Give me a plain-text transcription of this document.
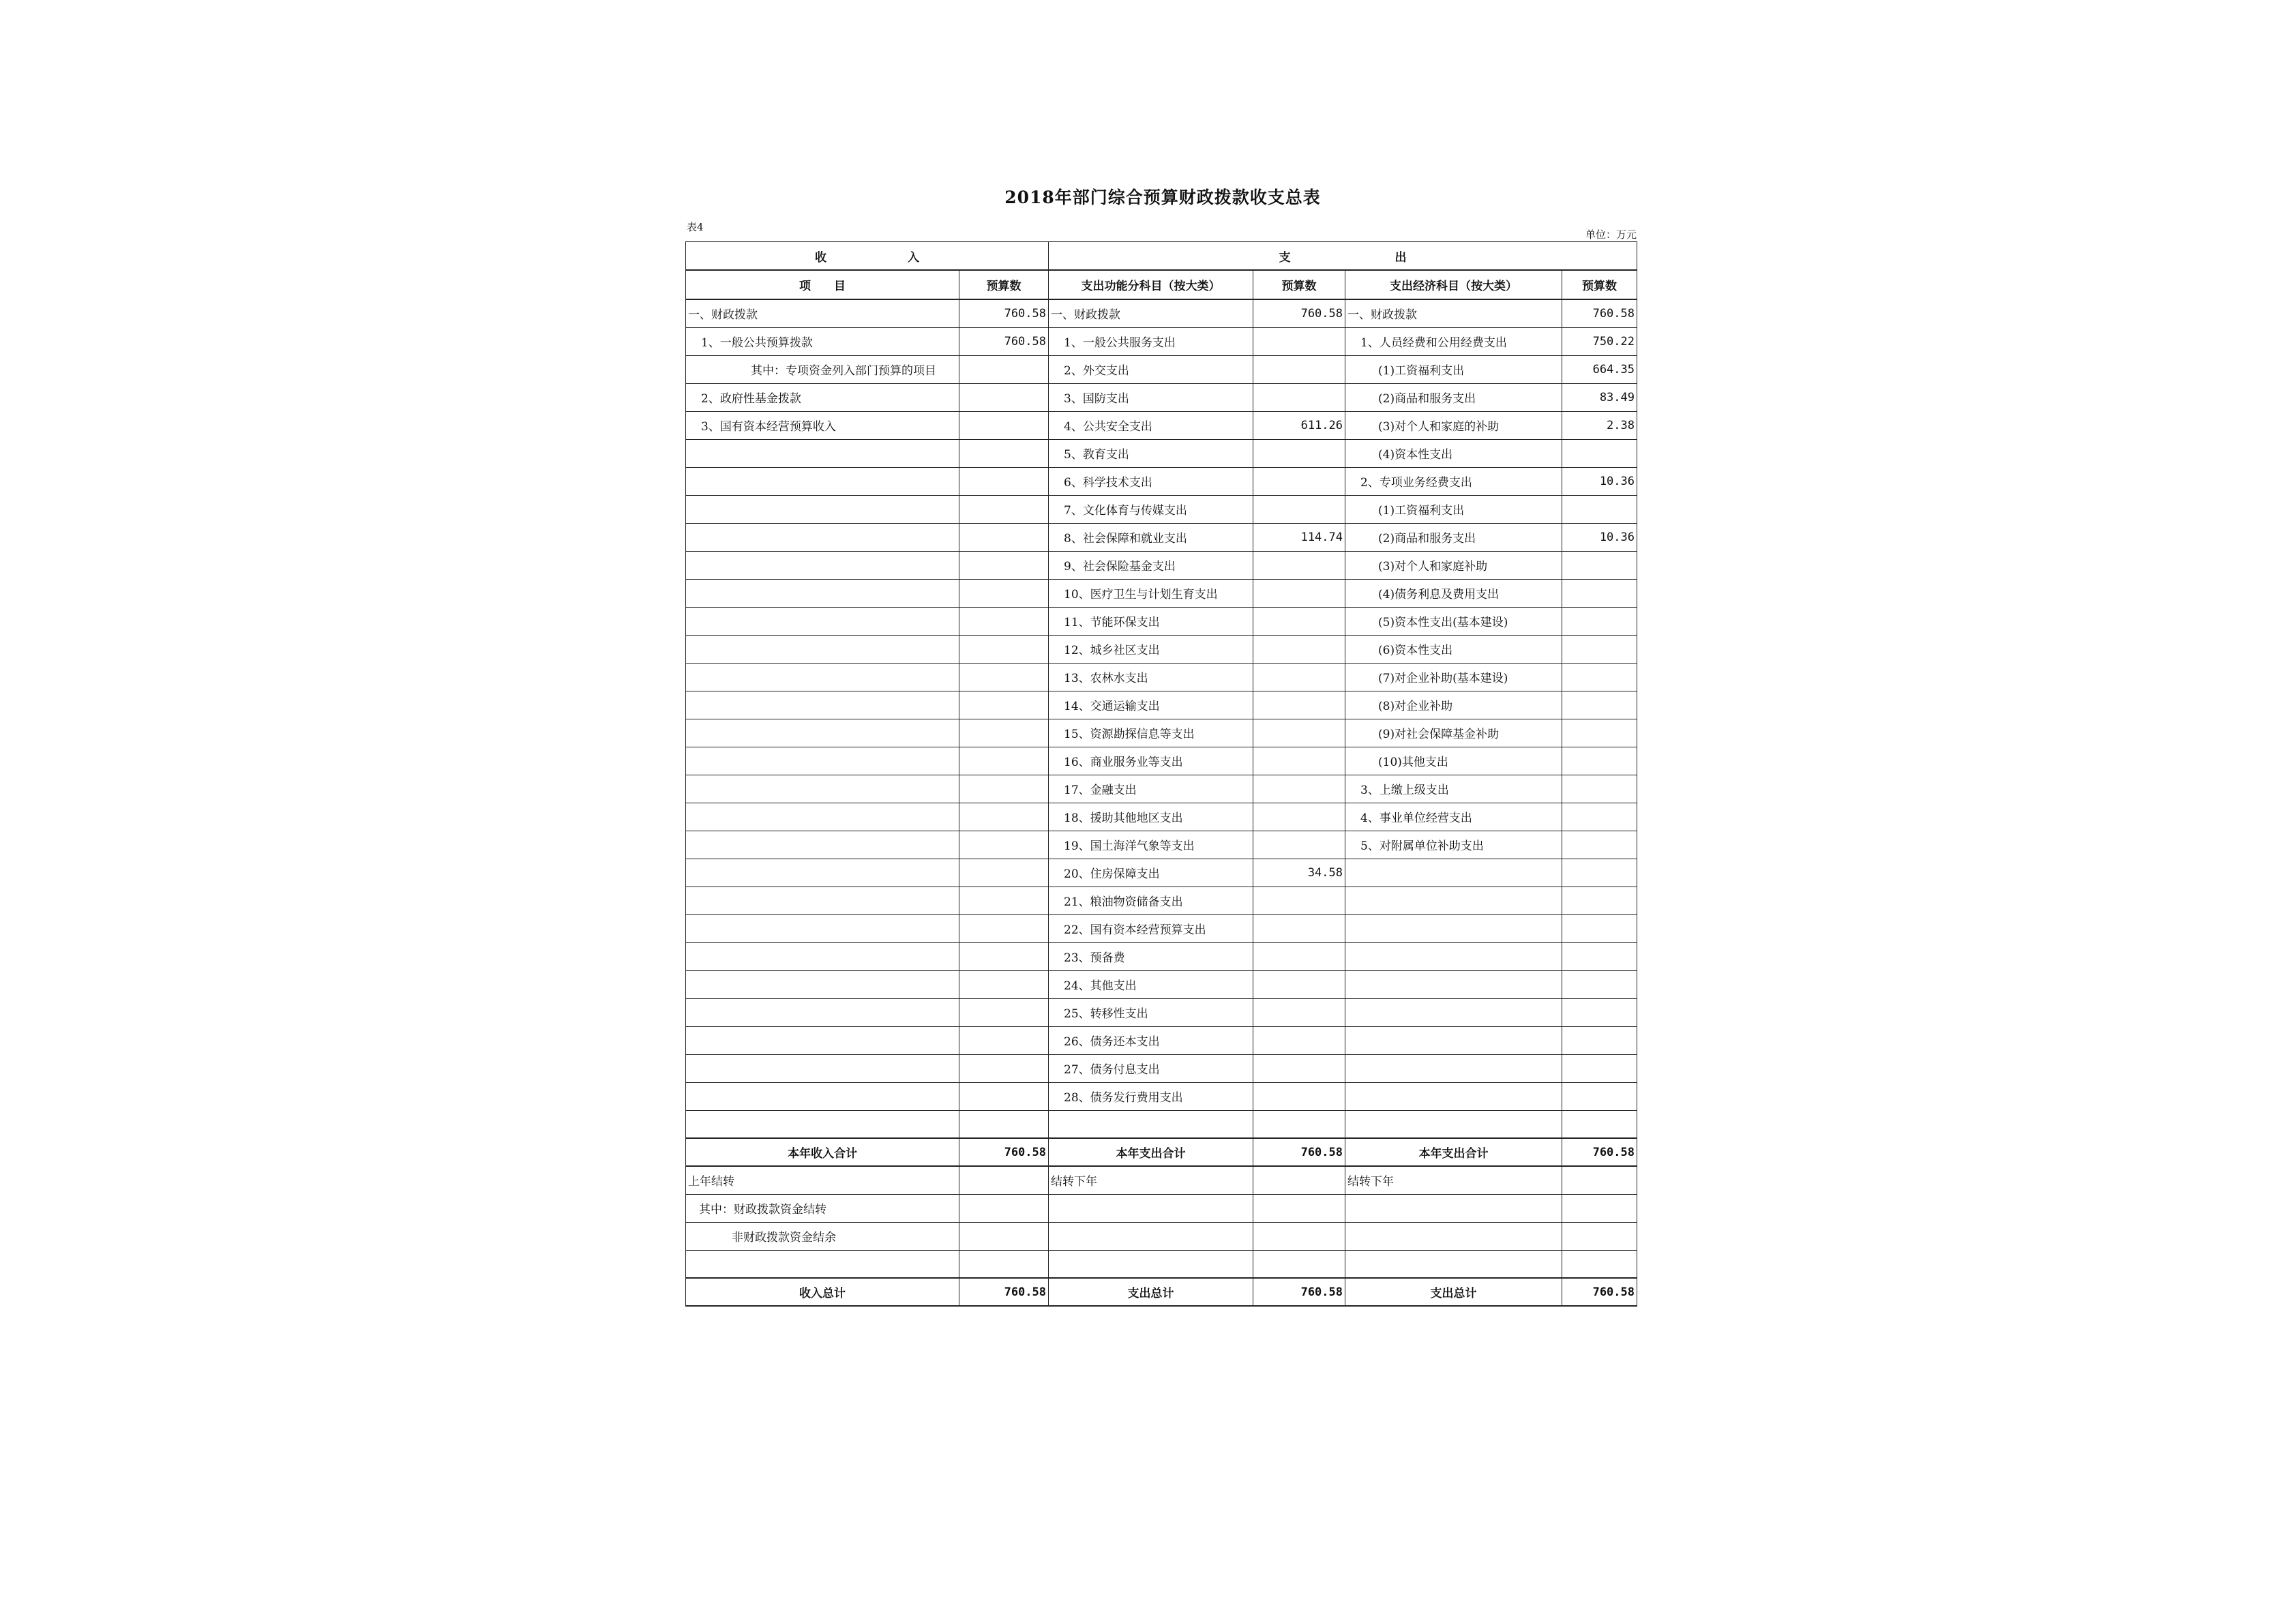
2018年部门综合预算财政拨款收支总表
表4
单位：万元
收　　　　　　　入		支　　　　　　　　　出			
项　　目	预算数	支出功能分科目（按大类）	预算数	支出经济科目（按大类）	预算数
一、财政拨款	760.58	一、财政拨款	760.58	一、财政拨款	760.58
1、一般公共预算拨款	760.58	1、一般公共服务支出		1、人员经费和公用经费支出	750.22
其中：专项资金列入部门预算的项目		2、外交支出		(1)工资福利支出	664.35
2、政府性基金拨款		3、国防支出		(2)商品和服务支出	83.49
3、国有资本经营预算收入		4、公共安全支出	611.26	(3)对个人和家庭的补助	2.38
		5、教育支出		(4)资本性支出	
		6、科学技术支出		2、专项业务经费支出	10.36
		7、文化体育与传媒支出		(1)工资福利支出	
		8、社会保障和就业支出	114.74	(2)商品和服务支出	10.36
		9、社会保险基金支出		(3)对个人和家庭补助	
		10、医疗卫生与计划生育支出		(4)债务利息及费用支出	
		11、节能环保支出		(5)资本性支出(基本建设)	
		12、城乡社区支出		(6)资本性支出	
		13、农林水支出		(7)对企业补助(基本建设)	
		14、交通运输支出		(8)对企业补助	
		15、资源勘探信息等支出		(9)对社会保障基金补助	
		16、商业服务业等支出		(10)其他支出	
		17、金融支出		3、上缴上级支出	
		18、援助其他地区支出		4、事业单位经营支出	
		19、国土海洋气象等支出		5、对附属单位补助支出	
		20、住房保障支出	34.58		
		21、粮油物资储备支出			
		22、国有资本经营预算支出			
		23、预备费			
		24、其他支出			
		25、转移性支出			
		26、债务还本支出			
		27、债务付息支出			
		28、债务发行费用支出			

本年收入合计	760.58	本年支出合计	760.58	本年支出合计	760.58
上年结转		结转下年		结转下年	
其中：财政拨款资金结转					
非财政拨款资金结余					

收入总计	760.58	支出总计	760.58	支出总计	760.58
